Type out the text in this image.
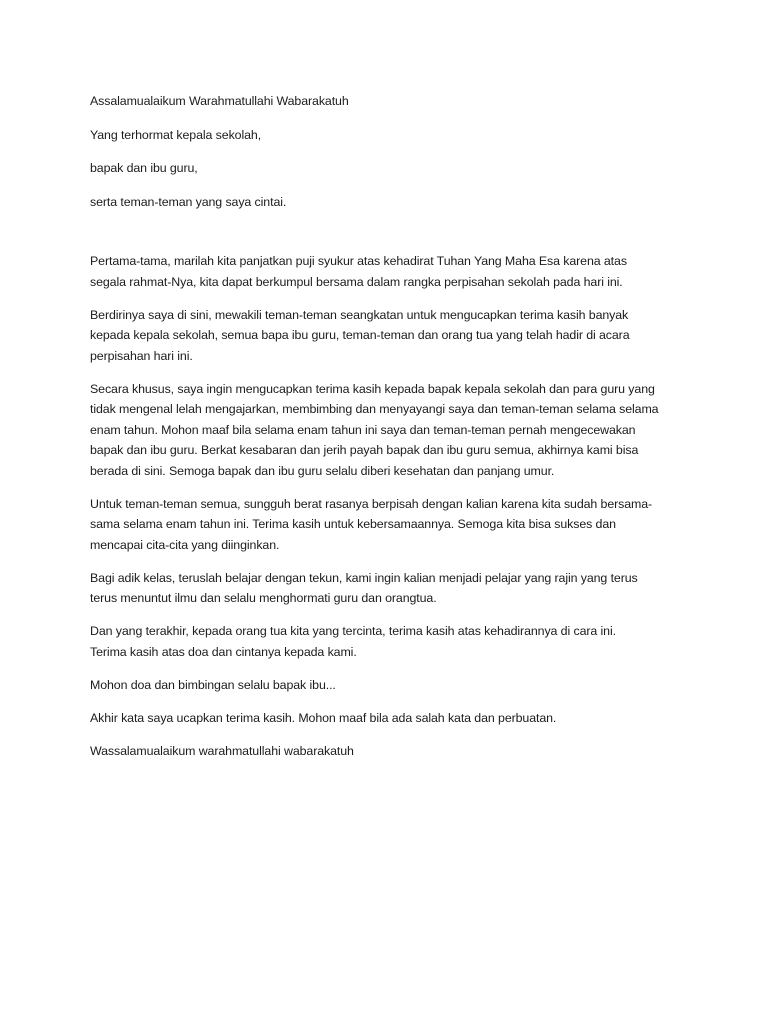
Assalamualaikum Warahmatullahi Wabarakatuh

Yang terhormat kepala sekolah,

bapak dan ibu guru,

serta teman-teman yang saya cintai.

Pertama-tama, marilah kita panjatkan puji syukur atas kehadirat Tuhan Yang Maha Esa karena atas
segala rahmat-Nya, kita dapat berkumpul bersama dalam rangka perpisahan sekolah pada hari ini.
Berdirinya saya di sini, mewakili teman-teman seangkatan untuk mengucapkan terima kasih banyak
kepada kepala sekolah, semua bapa ibu guru, teman-teman dan orang tua yang telah hadir di acara
perpisahan hari ini.
Secara khusus, saya ingin mengucapkan terima kasih kepada bapak kepala sekolah dan para guru yang
tidak mengenal lelah mengajarkan, membimbing dan menyayangi saya dan teman-teman selama selama
enam tahun. Mohon maaf bila selama enam tahun ini saya dan teman-teman pernah mengecewakan
bapak dan ibu guru. Berkat kesabaran dan jerih payah bapak dan ibu guru semua, akhirnya kami bisa
berada di sini. Semoga bapak dan ibu guru selalu diberi kesehatan dan panjang umur.
Untuk teman-teman semua, sungguh berat rasanya berpisah dengan kalian karena kita sudah bersama-
sama selama enam tahun ini. Terima kasih untuk kebersamaannya. Semoga kita bisa sukses dan
mencapai cita-cita yang diinginkan.
Bagi adik kelas, teruslah belajar dengan tekun, kami ingin kalian menjadi pelajar yang rajin yang terus
terus menuntut ilmu dan selalu menghormati guru dan orangtua.
Dan yang terakhir, kepada orang tua kita yang tercinta, terima kasih atas kehadirannya di cara ini.
Terima kasih atas doa dan cintanya kepada kami.
Mohon doa dan bimbingan selalu bapak ibu...
Akhir kata saya ucapkan terima kasih. Mohon maaf bila ada salah kata dan perbuatan.
Wassalamualaikum warahmatullahi wabarakatuh
